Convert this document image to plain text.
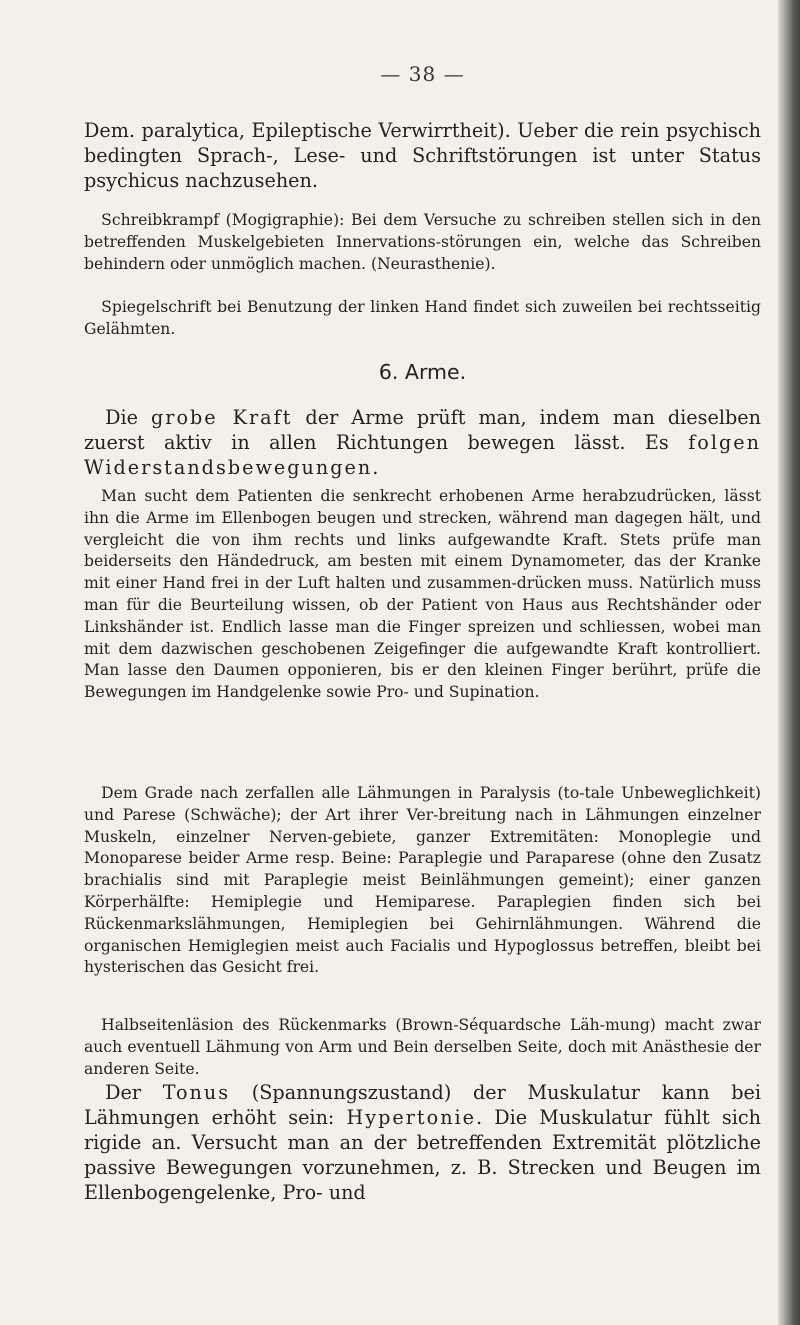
— 38 —

Dem. paralytica, Epileptische Verwirrtheit). Ueber die rein psychisch bedingten Sprach-, Lese- und Schriftstörungen ist unter Status psychicus nachzusehen.

Schreibkrampf (Mogigraphie): Bei dem Versuche zu schreiben stellen sich in den betreffenden Muskelgebieten Innervations-störungen ein, welche das Schreiben behindern oder unmöglich machen. (Neurasthenie).

Spiegelschrift bei Benutzung der linken Hand findet sich zuweilen bei rechtsseitig Gelähmten.

6. Arme.

Die grobe Kraft der Arme prüft man, indem man dieselben zuerst aktiv in allen Richtungen bewegen lässt. Es folgen Widerstandsbewegungen.

Man sucht dem Patienten die senkrecht erhobenen Arme herabzudrücken, lässt ihn die Arme im Ellenbogen beugen und strecken, während man dagegen hält, und vergleicht die von ihm rechts und links aufgewandte Kraft. Stets prüfe man beiderseits den Händedruck, am besten mit einem Dynamometer, das der Kranke mit einer Hand frei in der Luft halten und zusammen-drücken muss. Natürlich muss man für die Beurteilung wissen, ob der Patient von Haus aus Rechtshänder oder Linkshänder ist. Endlich lasse man die Finger spreizen und schliessen, wobei man mit dem dazwischen geschobenen Zeigefinger die aufgewandte Kraft kontrolliert. Man lasse den Daumen opponieren, bis er den kleinen Finger berührt, prüfe die Bewegungen im Handgelenke sowie Pro- und Supination.

Dem Grade nach zerfallen alle Lähmungen in Paralysis (to-tale Unbeweglichkeit) und Parese (Schwäche); der Art ihrer Ver-breitung nach in Lähmungen einzelner Muskeln, einzelner Nerven-gebiete, ganzer Extremitäten: Monoplegie und Monoparese beider Arme resp. Beine: Paraplegie und Paraparese (ohne den Zusatz brachialis sind mit Paraplegie meist Beinlähmungen gemeint); einer ganzen Körperhälfte: Hemiplegie und Hemiparese. Paraplegien finden sich bei Rückenmarkslähmungen, Hemiplegien bei Gehirnlähmungen. Während die organischen Hemiglegien meist auch Facialis und Hypoglossus betreffen, bleibt bei hysterischen das Gesicht frei.

Halbseitenläsion des Rückenmarks (Brown-Séquardsche Läh-mung) macht zwar auch eventuell Lähmung von Arm und Bein derselben Seite, doch mit Anästhesie der anderen Seite.

Der Tonus (Spannungszustand) der Muskulatur kann bei Lähmungen erhöht sein: Hypertonie. Die Muskulatur fühlt sich rigide an. Versucht man an der betreffenden Extremität plötzliche passive Bewegungen vorzunehmen, z. B. Strecken und Beugen im Ellenbogengelenke, Pro- und
